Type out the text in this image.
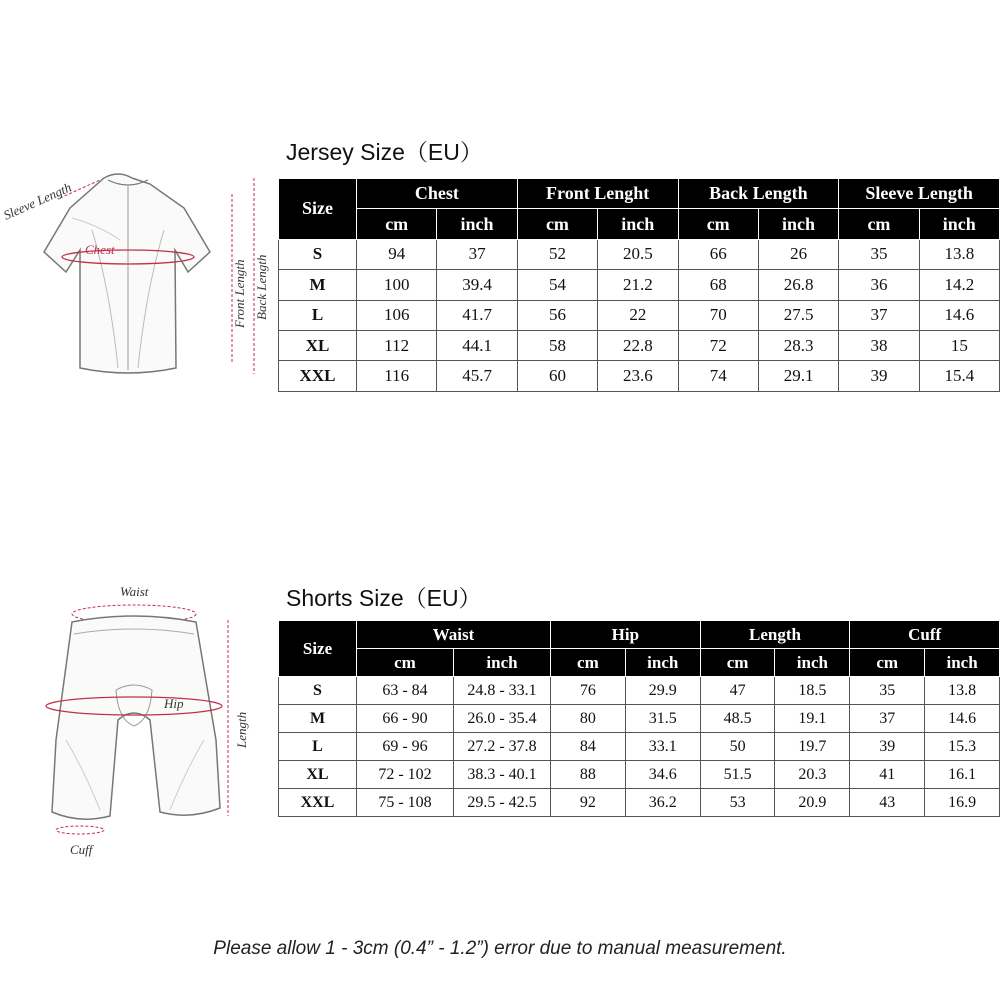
Sleeve Length
Chest
Front Length Back Length
Jersey Size（EU）
Size	Chest		Front Lenght		Back Length		Sleeve Length	
	cm	inch	cm	inch	cm	inch	cm	inch
S	94	37	52	20.5	66	26	35	13.8
M	100	39.4	54	21.2	68	26.8	36	14.2
L	106	41.7	56	22	70	27.5	37	14.6
XL	112	44.1	58	22.8	72	28.3	38	15
XXL	116	45.7	60	23.6	74	29.1	39	15.4
Waist
Hip
Length
Cuff
Shorts Size（EU）
Size	Waist		Hip		Length		Cuff	
	cm	inch	cm	inch	cm	inch	cm	inch
S	63 - 84	24.8 - 33.1	76	29.9	47	18.5	35	13.8
M	66 - 90	26.0 - 35.4	80	31.5	48.5	19.1	37	14.6
L	69 - 96	27.2 - 37.8	84	33.1	50	19.7	39	15.3
XL	72 - 102	38.3 - 40.1	88	34.6	51.5	20.3	41	16.1
XXL	75 - 108	29.5 - 42.5	92	36.2	53	20.9	43	16.9
Please allow 1 - 3cm (0.4” - 1.2”) error due to manual measurement.
